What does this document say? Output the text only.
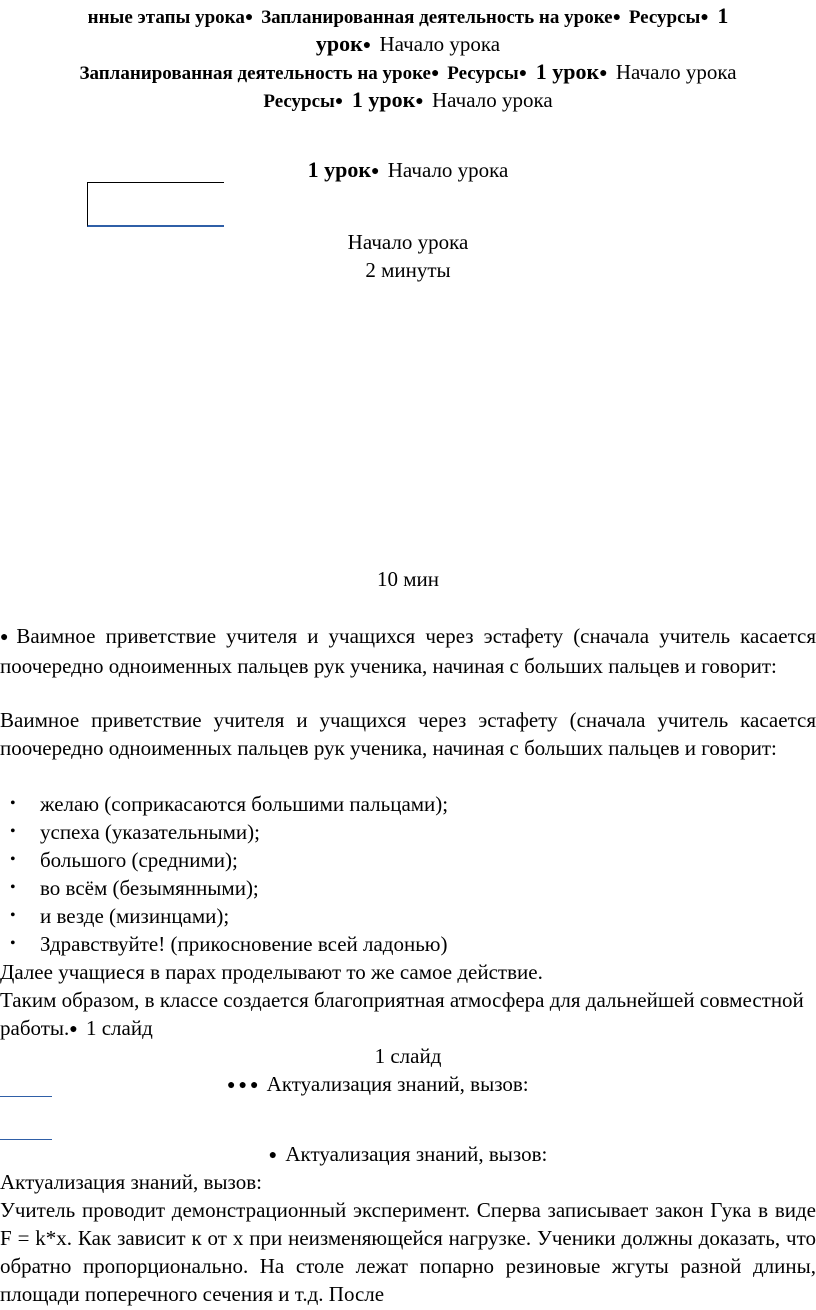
нные этапы урока● Запланированная деятельность на уроке● Ресурсы● 1
урок● Начало урока
Запланированная деятельность на уроке● Ресурсы● 1 урок● Начало урока
Ресурсы● 1 урок● Начало урока
1 урок● Начало урока
Начало урока
2 минуты
10 мин
● Ваимное приветствие учителя и учащихся через эстафету (сначала учитель касается поочередно одноименных пальцев рук ученика, начиная с больших пальцев и говорит:
Ваимное приветствие учителя и учащихся через эстафету (сначала учитель касается поочередно одноименных пальцев рук ученика, начиная с больших пальцев и говорит:
• желаю (соприкасаются большими пальцами);
• успеха (указательными);
• большого (средними);
• во всём (безымянными);
• и везде (мизинцами);
• Здравствуйте! (прикосновение всей ладонью)
Далее учащиеся в парах проделывают то же самое действие.
Таким образом, в классе создается благоприятная атмосфера для дальнейшей совместной работы.● 1 слайд
1 слайд
● ● ● Актуализация знаний, вызов:
● Актуализация знаний, вызов:
Актуализация знаний, вызов:
Учитель проводит демонстрационный эксперимент. Сперва записывает закон Гука в виде F = k*x. Как зависит к от х при неизменяющейся нагрузке. Ученики должны доказать, что обратно пропорционально. На столе лежат попарно резиновые жгуты разной длины, площади поперечного сечения и т.д. После
